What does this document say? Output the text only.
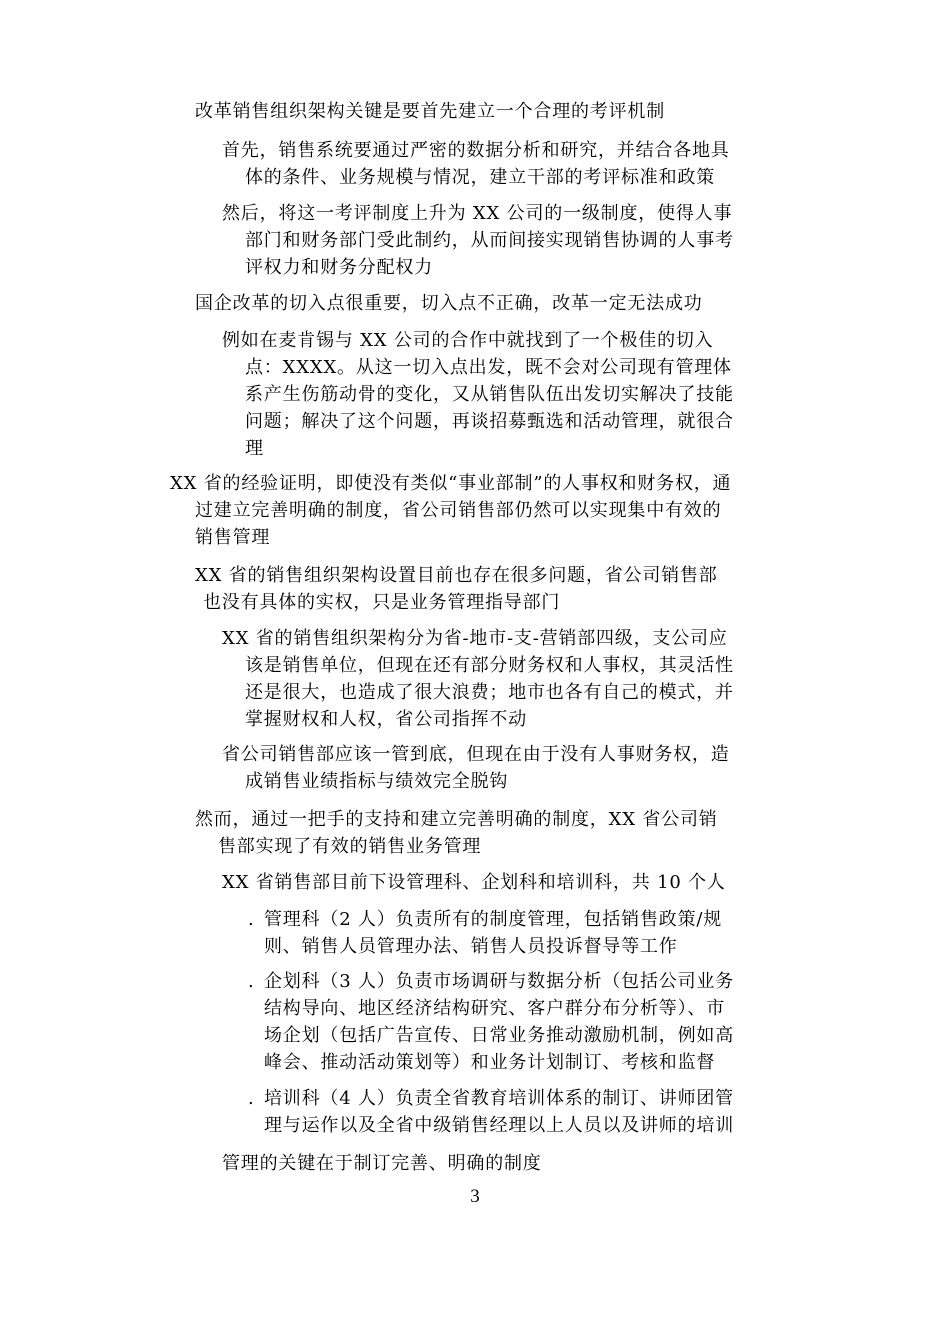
改革销售组织架构关键是要首先建立一个合理的考评机制
首先，销售系统要通过严密的数据分析和研究，并结合各地具
体的条件、业务规模与情况，建立干部的考评标准和政策
然后，将这一考评制度上升为 XX 公司的一级制度，使得人事
部门和财务部门受此制约，从而间接实现销售协调的人事考
评权力和财务分配权力
国企改革的切入点很重要，切入点不正确，改革一定无法成功
例如在麦肯锡与 XX 公司的合作中就找到了一个极佳的切入
点：XXXX。从这一切入点出发，既不会对公司现有管理体
系产生伤筋动骨的变化，又从销售队伍出发切实解决了技能
问题；解决了这个问题，再谈招募甄选和活动管理，就很合
理
XX 省的经验证明，即使没有类似“事业部制”的人事权和财务权，通
过建立完善明确的制度，省公司销售部仍然可以实现集中有效的
销售管理
XX 省的销售组织架构设置目前也存在很多问题，省公司销售部
也没有具体的实权，只是业务管理指导部门
XX 省的销售组织架构分为省-地市-支-营销部四级，支公司应
该是销售单位，但现在还有部分财务权和人事权，其灵活性
还是很大，也造成了很大浪费；地市也各有自己的模式，并
掌握财权和人权，省公司指挥不动
省公司销售部应该一管到底，但现在由于没有人事财务权，造
成销售业绩指标与绩效完全脱钩
然而，通过一把手的支持和建立完善明确的制度，XX 省公司销
售部实现了有效的销售业务管理
XX 省销售部目前下设管理科、企划科和培训科，共 10 个人
. 管理科（2 人）负责所有的制度管理，包括销售政策/规
则、销售人员管理办法、销售人员投诉督导等工作
. 企划科（3 人）负责市场调研与数据分析（包括公司业务
结构导向、地区经济结构研究、客户群分布分析等）、市
场企划（包括广告宣传、日常业务推动激励机制，例如高
峰会、推动活动策划等）和业务计划制订、考核和监督
. 培训科（4 人）负责全省教育培训体系的制订、讲师团管
理与运作以及全省中级销售经理以上人员以及讲师的培训
管理的关键在于制订完善、明确的制度
3
